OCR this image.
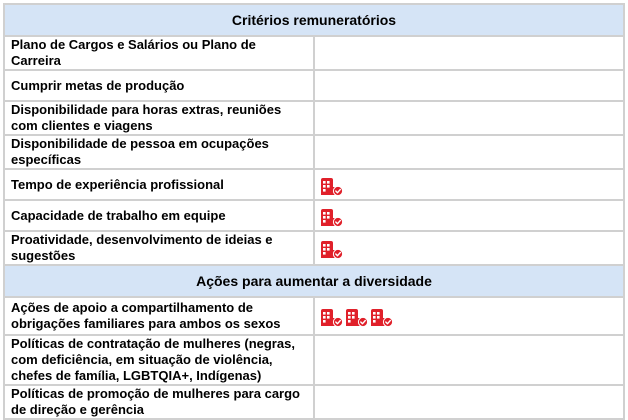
Critérios remuneratórios	
Plano de Cargos e Salários ou Plano de Carreira	
Cumprir metas de produção	
Disponibilidade para horas extras, reuniões com clientes e viagens	
Disponibilidade de pessoa em ocupações específicas	
Tempo de experiência profissional	

Capacidade de trabalho em equipe	

Proatividade, desenvolvimento de ideias e sugestões	

Ações para aumentar a diversidade	
Ações de apoio a compartilhamento de obrigações familiares para ambos os sexos	

Políticas de contratação de mulheres (negras, com deficiência, em situação de violência, chefes de família, LGBTQIA+, Indígenas)	
Políticas de promoção de mulheres para cargo de direção e gerência	
